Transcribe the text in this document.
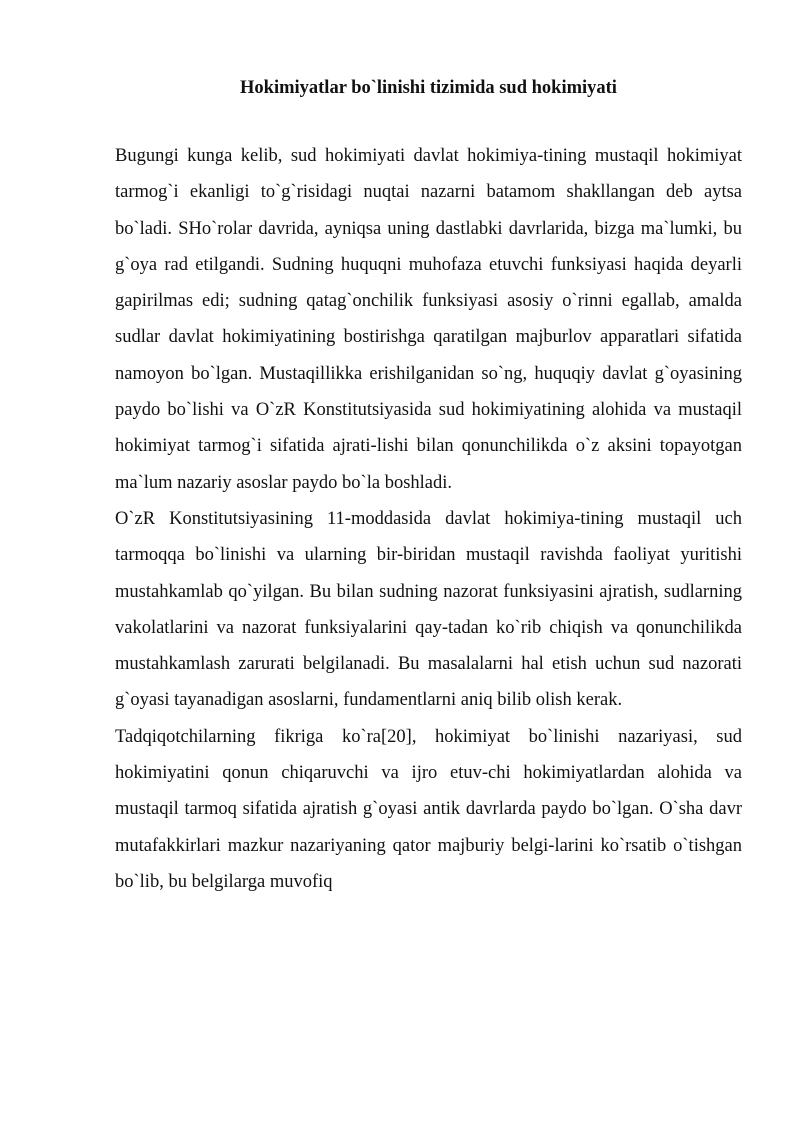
Hokimiyatlar bo`linishi tizimida sud hokimiyati

Bugungi kunga kelib, sud hokimiyati davlat hokimiya-tining mustaqil hokimiyat tarmog`i ekanligi to`g`risidagi nuqtai nazarni batamom shakllangan deb aytsa bo`ladi. SHo`rolar davrida, ayniqsa uning dastlabki davrlarida, bizga ma`lumki, bu g`oya rad etilgandi. Sudning huquqni muhofaza etuvchi funksiyasi haqida deyarli gapirilmas edi; sudning qatag`onchilik funksiyasi asosiy o`rinni egallab, amalda sudlar davlat hokimiyatining bostirishga qaratilgan majburlov apparatlari sifatida namoyon bo`lgan. Mustaqillikka erishilganidan so`ng, huquqiy davlat g`oyasining paydo bo`lishi va O`zR Konstitutsiyasida sud hokimiyatining alohida va mustaqil hokimiyat tarmog`i sifatida ajrati-lishi bilan qonunchilikda o`z aksini topayotgan ma`lum nazariy asoslar paydo bo`la boshladi.

O`zR Konstitutsiyasining 11-moddasida davlat hokimiya-tining mustaqil uch tarmoqqa bo`linishi va ularning bir-biridan mustaqil ravishda faoliyat yuritishi mustahkamlab qo`yilgan. Bu bilan sudning nazorat funksiyasini ajratish, sudlarning vakolatlarini va nazorat funksiyalarini qay-tadan ko`rib chiqish va qonunchilikda mustahkamlash zarurati belgilanadi. Bu masalalarni hal etish uchun sud nazorati g`oyasi tayanadigan asoslarni, fundamentlarni aniq bilib olish kerak.

Tadqiqotchilarning fikriga ko`ra[20], hokimiyat bo`linishi nazariyasi, sud hokimiyatini qonun chiqaruvchi va ijro etuv-chi hokimiyatlardan alohida va mustaqil tarmoq sifatida ajratish g`oyasi antik davrlarda paydo bo`lgan. O`sha davr mutafakkirlari mazkur nazariyaning qator majburiy belgi-larini ko`rsatib o`tishgan bo`lib, bu belgilarga muvofiq
